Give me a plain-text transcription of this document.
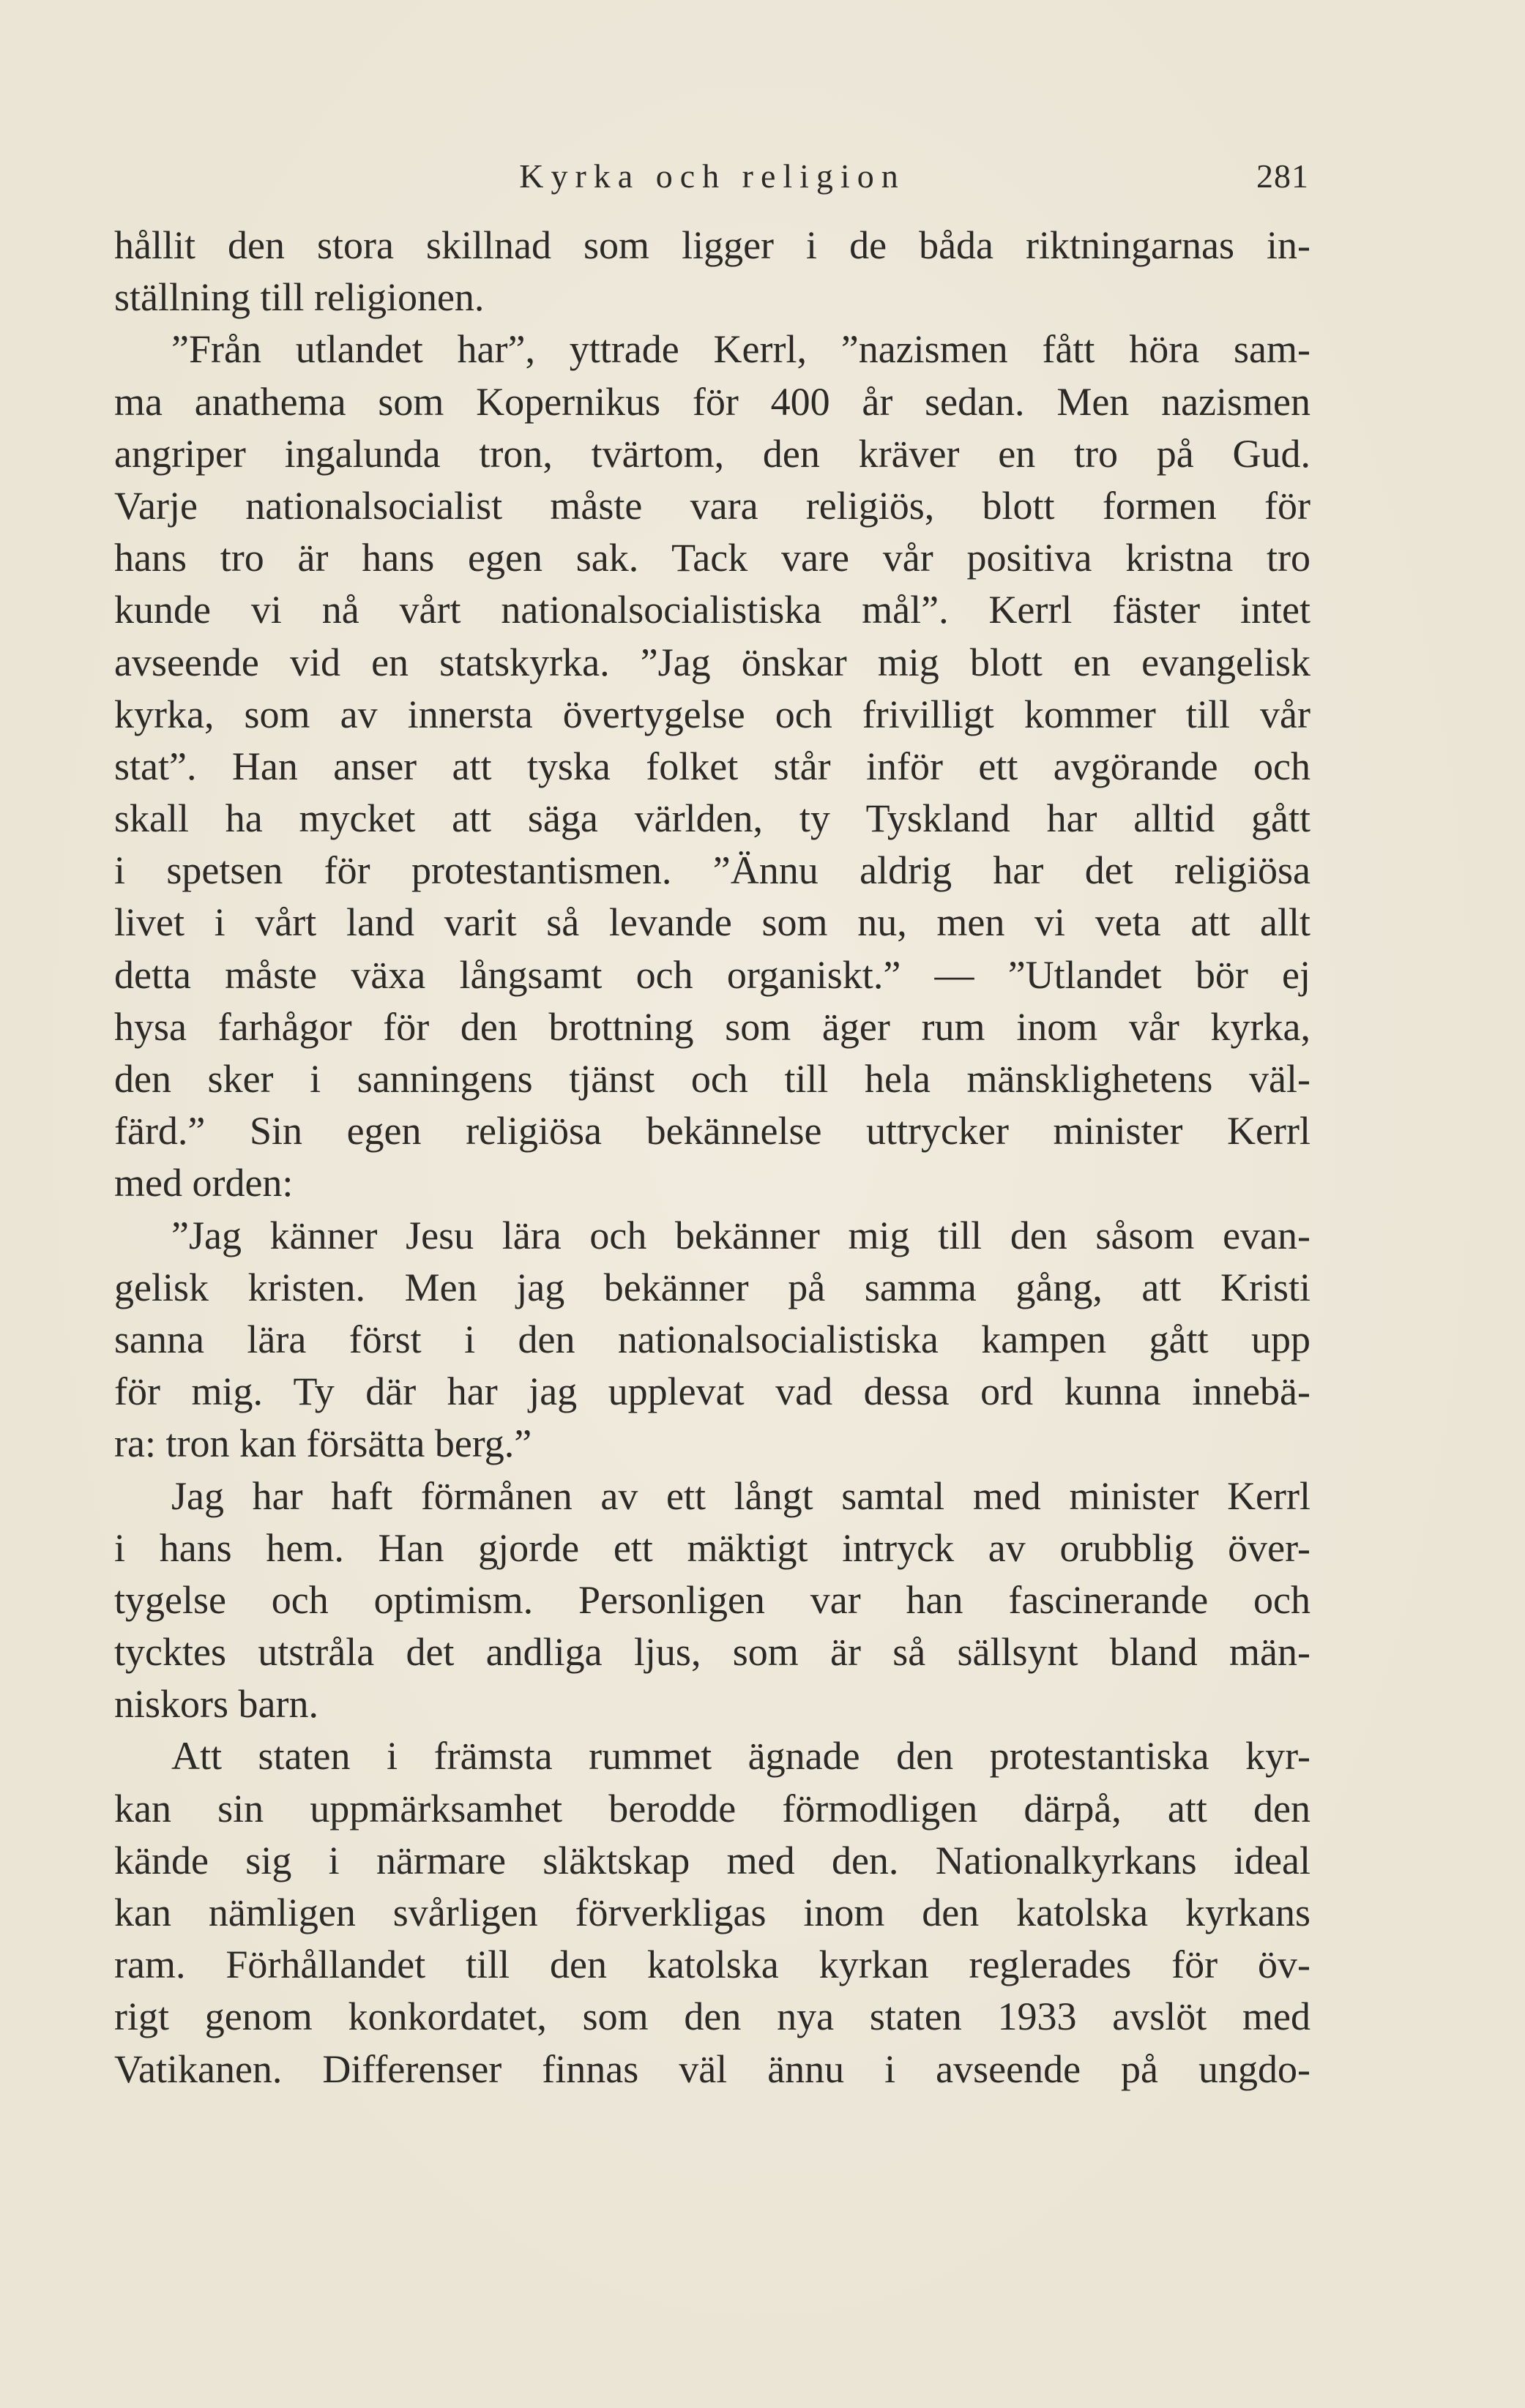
Kyrka och religion	281
hållit den stora skillnad som ligger i de båda riktningarnas in-
ställning till religionen.
”Från utlandet har”, yttrade Kerrl, ”nazismen fått höra sam-
ma anathema som Kopernikus för 400 år sedan. Men nazismen
angriper ingalunda tron, tvärtom, den kräver en tro på Gud.
Varje nationalsocialist måste vara religiös, blott formen för
hans tro är hans egen sak. Tack vare vår positiva kristna tro
kunde vi nå vårt nationalsocialistiska mål”. Kerrl fäster intet
avseende vid en statskyrka. ”Jag önskar mig blott en evangelisk
kyrka, som av innersta övertygelse och frivilligt kommer till vår
stat”. Han anser att tyska folket står inför ett avgörande och
skall ha mycket att säga världen, ty Tyskland har alltid gått
i spetsen för protestantismen. ”Ännu aldrig har det religiösa
livet i vårt land varit så levande som nu, men vi veta att allt
detta måste växa långsamt och organiskt.” — ”Utlandet bör ej
hysa farhågor för den brottning som äger rum inom vår kyrka,
den sker i sanningens tjänst och till hela mänsklighetens väl-
färd.” Sin egen religiösa bekännelse uttrycker minister Kerrl
med orden:
”Jag känner Jesu lära och bekänner mig till den såsom evan-
gelisk kristen. Men jag bekänner på samma gång, att Kristi
sanna lära först i den nationalsocialistiska kampen gått upp
för mig. Ty där har jag upplevat vad dessa ord kunna innebä-
ra: tron kan försätta berg.”
Jag har haft förmånen av ett långt samtal med minister Kerrl
i hans hem. Han gjorde ett mäktigt intryck av orubblig över-
tygelse och optimism. Personligen var han fascinerande och
tycktes utstråla det andliga ljus, som är så sällsynt bland män-
niskors barn.
Att staten i främsta rummet ägnade den protestantiska kyr-
kan sin uppmärksamhet berodde förmodligen därpå, att den
kände sig i närmare släktskap med den. Nationalkyrkans ideal
kan nämligen svårligen förverkligas inom den katolska kyrkans
ram. Förhållandet till den katolska kyrkan reglerades för öv-
rigt genom konkordatet, som den nya staten 1933 avslöt med
Vatikanen. Differenser finnas väl ännu i avseende på ungdo-
